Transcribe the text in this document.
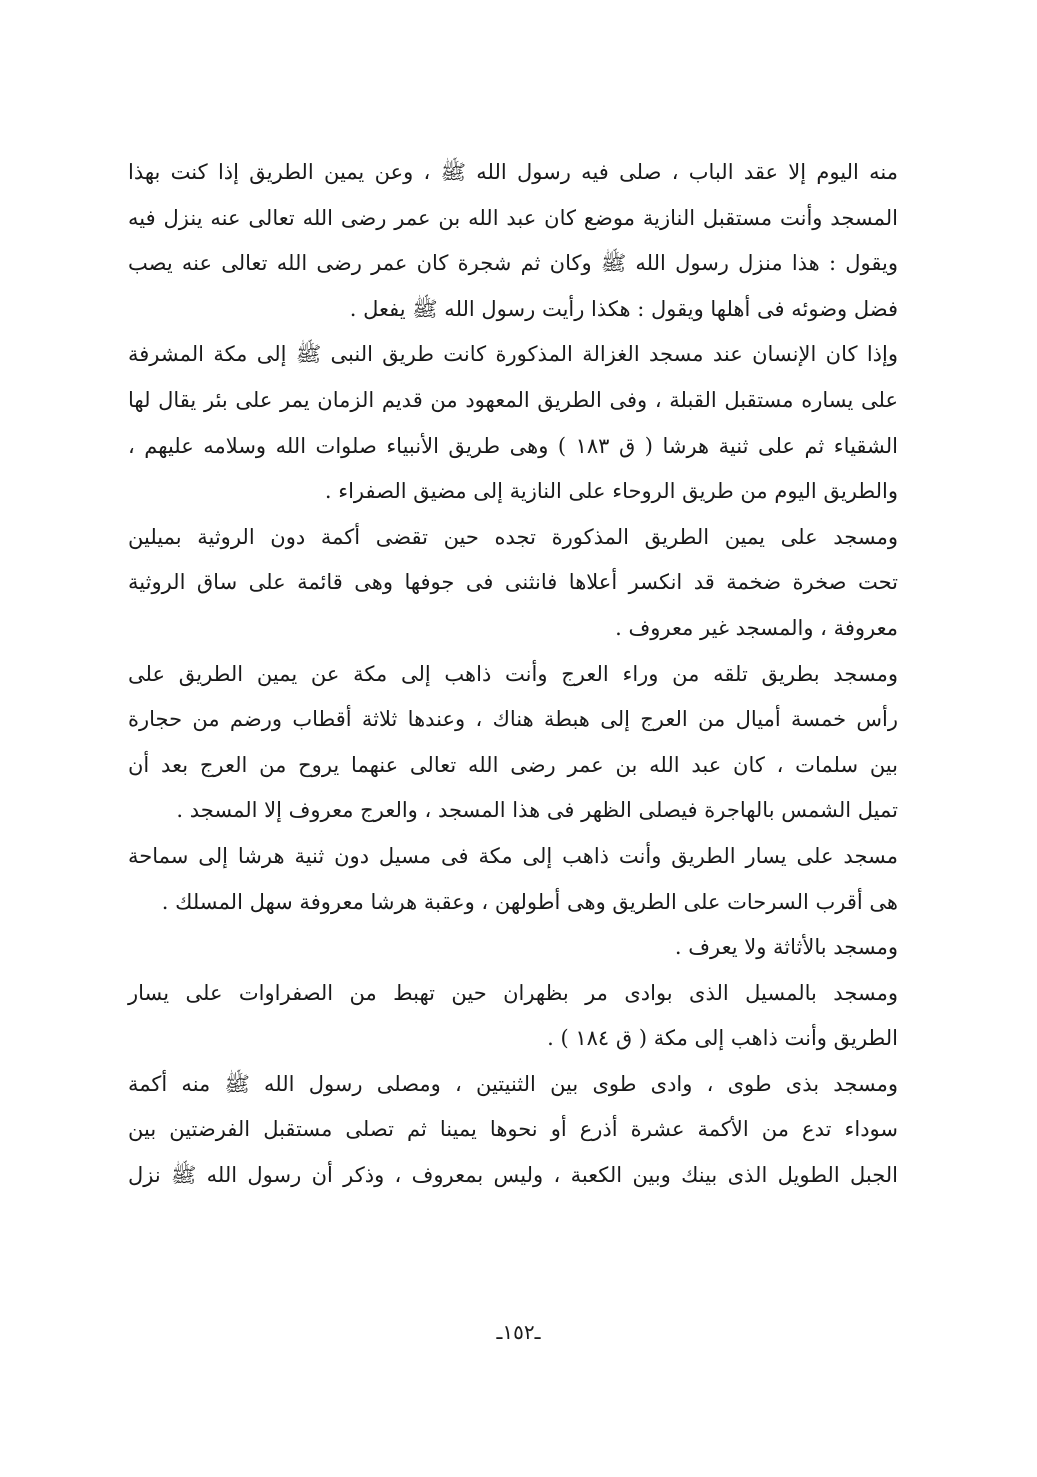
منه اليوم إلا عقد الباب ، صلى فيه رسول الله ﷺ ، وعن يمين الطريق إذا كنت بهذا
المسجد وأنت مستقبل النازية موضع كان عبد الله بن عمر رضى الله تعالى عنه ينزل فيه
ويقول : هذا منزل رسول الله ﷺ وكان ثم شجرة كان عمر رضى الله تعالى عنه يصب
فضل وضوئه فى أهلها ويقول : هكذا رأيت رسول الله ﷺ يفعل .
وإذا كان الإنسان عند مسجد الغزالة المذكورة كانت طريق النبى ﷺ إلى مكة المشرفة
على يساره مستقبل القبلة ، وفى الطريق المعهود من قديم الزمان يمر على بئر يقال لها
الشقياء ثم على ثنية هرشا ( ق ١٨٣ ) وهى طريق الأنبياء صلوات الله وسلامه عليهم ،
والطريق اليوم من طريق الروحاء على النازية إلى مضيق الصفراء .
ومسجد على يمين الطريق المذكورة تجده حين تقضى أكمة دون الروثية بميلين
تحت صخرة ضخمة قد انكسر أعلاها فانثنى فى جوفها وهى قائمة على ساق الروثية
معروفة ، والمسجد غير معروف .
ومسجد بطريق تلقه من وراء العرج وأنت ذاهب إلى مكة عن يمين الطريق على
رأس خمسة أميال من العرج إلى هبطة هناك ، وعندها ثلاثة أقطاب ورضم من حجارة
بين سلمات ، كان عبد الله بن عمر رضى الله تعالى عنهما يروح من العرج بعد أن
تميل الشمس بالهاجرة فيصلى الظهر فى هذا المسجد ، والعرج معروف إلا المسجد .
مسجد على يسار الطريق وأنت ذاهب إلى مكة فى مسيل دون ثنية هرشا إلى سماحة
هى أقرب السرحات على الطريق وهى أطولهن ، وعقبة هرشا معروفة سهل المسلك .
ومسجد بالأثاثة ولا يعرف .
ومسجد بالمسيل الذى بوادى مر بظهران حين تهبط من الصفراوات على يسار
الطريق وأنت ذاهب إلى مكة ( ق ١٨٤ ) .
ومسجد بذى طوى ، وادى طوى بين الثنيتين ، ومصلى رسول الله ﷺ منه أكمة
سوداء تدع من الأكمة عشرة أذرع أو نحوها يمينا ثم تصلى مستقبل الفرضتين بين
الجبل الطويل الذى بينك وبين الكعبة ، وليس بمعروف ، وذكر أن رسول الله ﷺ نزل
ـ١٥٢ـ
